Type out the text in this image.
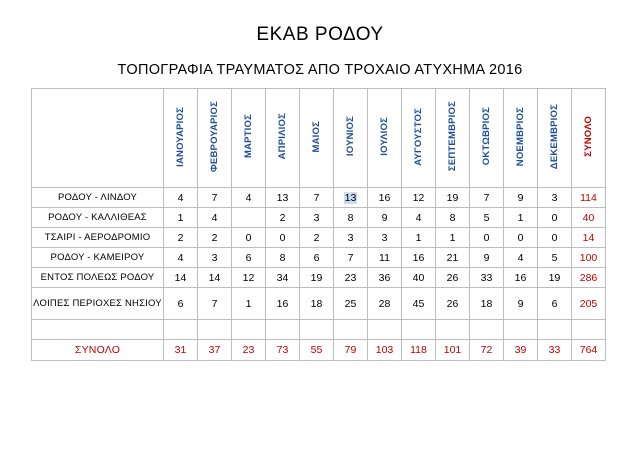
ΕΚΑΒ ΡΟΔΟΥ
ΤΟΠΟΓΡΑΦΙΑ ΤΡΑΥΜΑΤΟΣ ΑΠΟ ΤΡΟΧΑΙΟ ΑΤΥΧΗΜΑ 2016
	ΙΑΝΟΥΑΡΙΟΣ	ΦΕΒΡΟΥΑΡΙΟΣ	ΜΑΡΤΙΟΣ	ΑΠΡΙΛΙΟΣ	ΜΑΙΟΣ	ΙΟΥΝΙΟΣ	ΙΟΥΛΙΟΣ	ΑΥΓΟΥΣΤΟΣ	ΣΕΠΤΕΜΒΡΙΟΣ	ΟΚΤΩΒΡΙΟΣ	ΝΟΕΜΒΡΙΟΣ	ΔΕΚΕΜΒΡΙΟΣ	ΣΥΝΟΛΟ
ΡΟΔΟΥ - ΛΙΝΔΟΥ	4	7	4	13	7	13	16	12	19	7	9	3	114
ΡΟΔΟΥ - ΚΑΛΛΙΘΕΑΣ	1	4		2	3	8	9	4	8	5	1	0	40
ΤΣΑΙΡΙ - ΑΕΡΟΔΡΟΜΙΟ	2	2	0	0	2	3	3	1	1	0	0	0	14
ΡΟΔΟΥ - ΚΑΜΕΙΡΟΥ	4	3	6	8	6	7	11	16	21	9	4	5	100
ΕΝΤΟΣ ΠΟΛΕΩΣ ΡΟΔΟΥ	14	14	12	34	19	23	36	40	26	33	16	19	286
ΛΟΙΠΕΣ ΠΕΡΙΟΧΕΣ ΝΗΣΙΟΥ	6	7	1	16	18	25	28	45	26	18	9	6	205

ΣΥΝΟΛΟ	31	37	23	73	55	79	103	118	101	72	39	33	764
